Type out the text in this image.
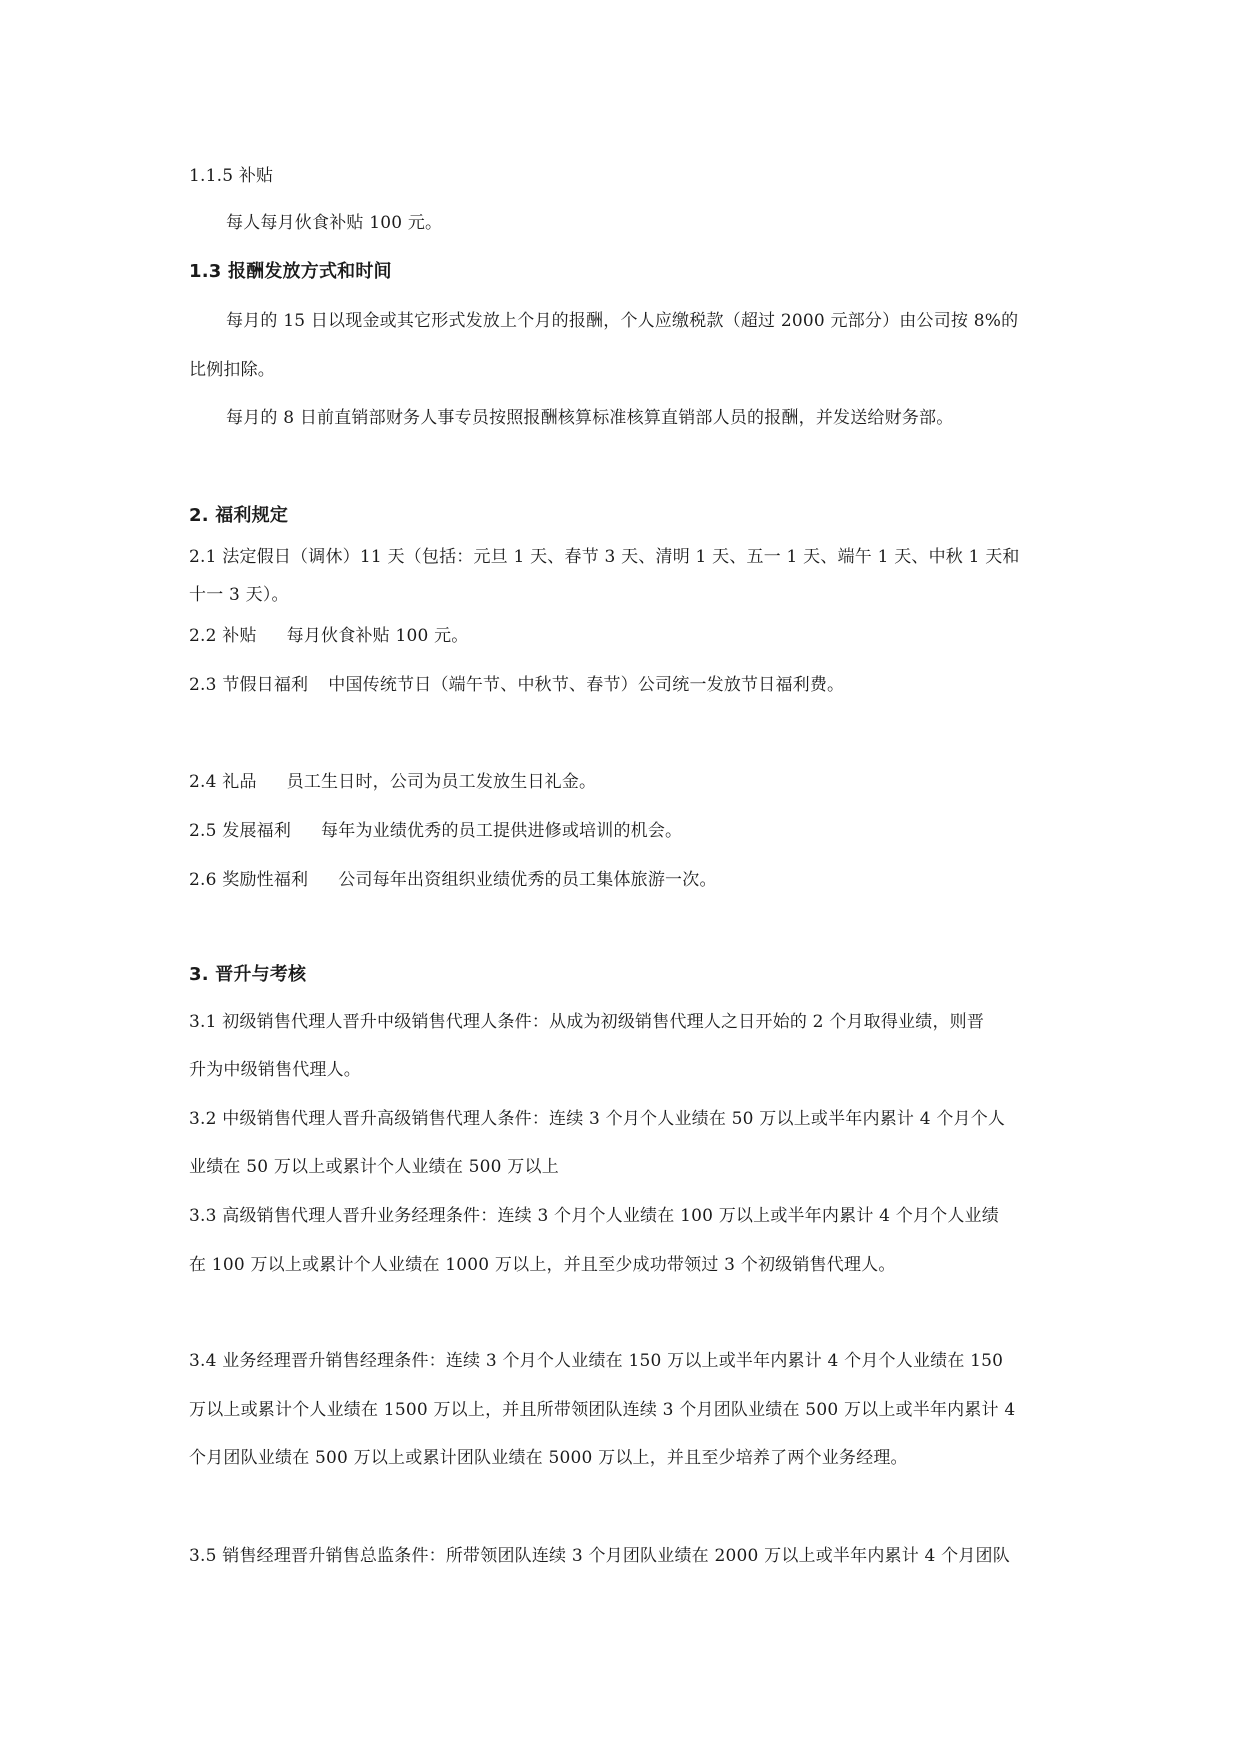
1.1.5 补贴
每人每月伙食补贴 100 元。
1.3 报酬发放方式和时间
每月的 15 日以现金或其它形式发放上个月的报酬，个人应缴税款（超过 2000 元部分）由公司按 8%的
比例扣除。
每月的 8 日前直销部财务人事专员按照报酬核算标准核算直销部人员的报酬，并发送给财务部。
2. 福利规定
2.1 法定假日（调休）11 天（包括：元旦 1 天、春节 3 天、清明 1 天、五一 1 天、端午 1 天、中秋 1 天和
十一 3 天）。
2.2 补贴 每月伙食补贴 100 元。
2.3 节假日福利 中国传统节日（端午节、中秋节、春节）公司统一发放节日福利费。
2.4 礼品 员工生日时，公司为员工发放生日礼金。
2.5 发展福利 每年为业绩优秀的员工提供进修或培训的机会。
2.6 奖励性福利 公司每年出资组织业绩优秀的员工集体旅游一次。
3. 晋升与考核
3.1 初级销售代理人晋升中级销售代理人条件：从成为初级销售代理人之日开始的 2 个月取得业绩，则晋
升为中级销售代理人。
3.2 中级销售代理人晋升高级销售代理人条件：连续 3 个月个人业绩在 50 万以上或半年内累计 4 个月个人
业绩在 50 万以上或累计个人业绩在 500 万以上
3.3 高级销售代理人晋升业务经理条件：连续 3 个月个人业绩在 100 万以上或半年内累计 4 个月个人业绩
在 100 万以上或累计个人业绩在 1000 万以上，并且至少成功带领过 3 个初级销售代理人。
3.4 业务经理晋升销售经理条件：连续 3 个月个人业绩在 150 万以上或半年内累计 4 个月个人业绩在 150
万以上或累计个人业绩在 1500 万以上，并且所带领团队连续 3 个月团队业绩在 500 万以上或半年内累计 4
个月团队业绩在 500 万以上或累计团队业绩在 5000 万以上，并且至少培养了两个业务经理。
3.5 销售经理晋升销售总监条件：所带领团队连续 3 个月团队业绩在 2000 万以上或半年内累计 4 个月团队
